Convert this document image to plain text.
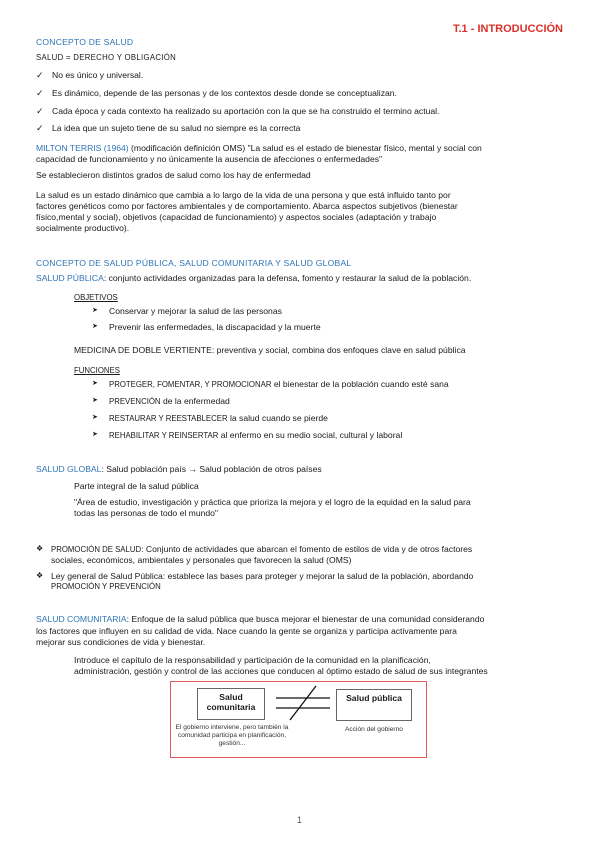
T.1 - INTRODUCCIÓN
CONCEPTO DE SALUD
SALUD = DERECHO Y OBLIGACIÓN
✓ No es único y universal.
✓ Es dinámico, depende de las personas y de los contextos desde donde se conceptualizan.
✓ Cada época y cada contexto ha realizado su aportación con la que se ha construido el termino actual.
✓ La idea que un sujeto tiene de su salud no siempre es la correcta
MILTON TERRIS (1964) (modificación definición OMS) "La salud es el estado de bienestar físico, mental y social con
capacidad de funcionamiento y no únicamente la ausencia de afecciones o enfermedades"
Se establecieron distintos grados de salud como los hay de enfermedad
La salud es un estado dinámico que cambia a lo largo de la vida de una persona y que está influido tanto por
factores genéticos como por factores ambientales y de comportamiento. Abarca aspectos subjetivos (bienestar
físico,mental y social), objetivos (capacidad de funcionamiento) y aspectos sociales (adaptación y trabajo
socialmente productivo).
CONCEPTO DE SALUD PÚBLICA, SALUD COMUNITARIA Y SALUD GLOBAL
SALUD PÚBLICA: conjunto actividades organizadas para la defensa, fomento y restaurar la salud de la población.
OBJETIVOS
➤	Conservar y mejorar la salud de las personas
➤	Prevenir las enfermedades, la discapacidad y la muerte
MEDICINA DE DOBLE VERTIENTE: preventiva y social, combina dos enfoques clave en salud pública
FUNCIONES
➤	PROTEGER, FOMENTAR, Y PROMOCIONAR el bienestar de la población cuando esté sana
➤	PREVENCIÓN de la enfermedad
➤	RESTAURAR Y REESTABLECER la salud cuando se pierde
➤	REHABILITAR Y REINSERTAR al enfermo en su medio social, cultural y laboral
SALUD GLOBAL: Salud población país → Salud población de otros países
Parte integral de la salud pública
"Área de estudio, investigación y práctica que prioriza la mejora y el logro de la equidad en la salud para
todas las personas de todo el mundo"
❖	PROMOCIÓN DE SALUD: Conjunto de actividades que abarcan el fomento de estilos de vida y de otros factores
sociales, económicos, ambientales y personales que favorecen la salud (OMS)
❖ Ley general de Salud Pública: establece las bases para proteger y mejorar la salud de la población, abordando
PROMOCIÓN Y PREVENCIÓN
SALUD COMUNITARIA: Enfoque de la salud pública que busca mejorar el bienestar de una comunidad considerando
los factores que influyen en su calidad de vida. Nace cuando la gente se organiza y participa activamente para
mejorar sus condiciones de vida y bienestar.
Introduce el capítulo de la responsabilidad y participación de la comunidad en la planificación,
administración, gestión y control de las acciones que conducen al óptimo estado de salud de sus integrantes
Salud comunitaria
El gobierno interviene, pero también la comunidad participa en planificación, gestión...
Salud pública
Acción del gobierno
1
